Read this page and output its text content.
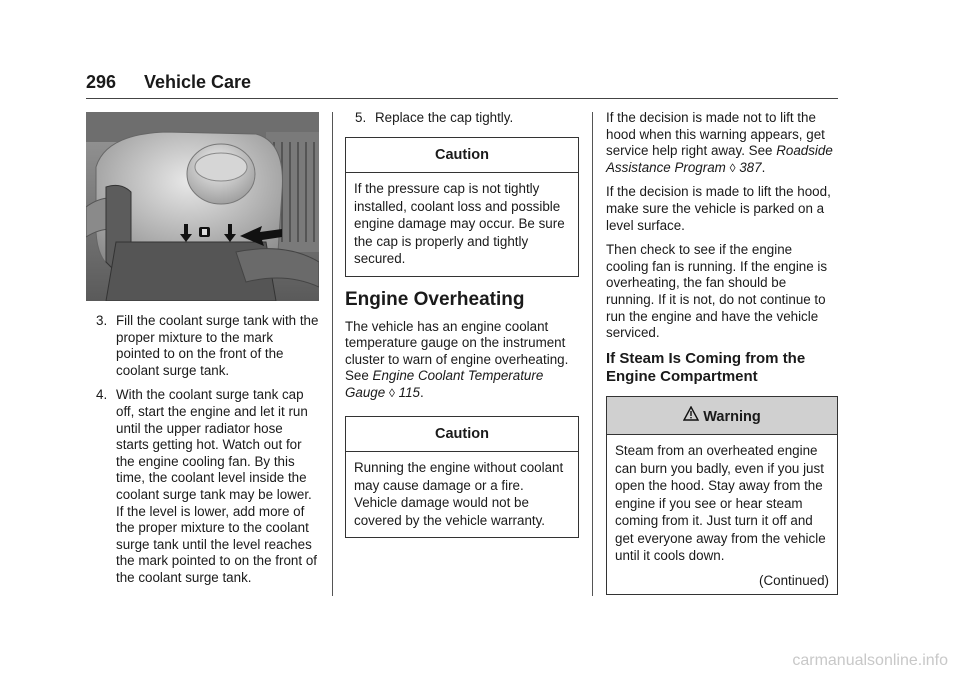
296 Vehicle Care
3. Fill the coolant surge tank with the proper mixture to the mark pointed to on the front of the coolant surge tank.
4. With the coolant surge tank cap off, start the engine and let it run until the upper radiator hose starts getting hot. Watch out for the engine cooling fan. By this time, the coolant level inside the coolant surge tank may be lower. If the level is lower, add more of the proper mixture to the coolant surge tank until the level reaches the mark pointed to on the front of the coolant surge tank.
5. Replace the cap tightly.
Caution
If the pressure cap is not tightly installed, coolant loss and possible engine damage may occur. Be sure the cap is properly and tightly secured.
Engine Overheating

The vehicle has an engine coolant temperature gauge on the instrument cluster to warn of engine overheating. See Engine Coolant Temperature Gauge ◊ 115.

Caution
Running the engine without coolant may cause damage or a fire. Vehicle damage would not be covered by the vehicle warranty.

If the decision is made not to lift the hood when this warning appears, get service help right away. See Roadside Assistance Program ◊ 387.

If the decision is made to lift the hood, make sure the vehicle is parked on a level surface.

Then check to see if the engine cooling fan is running. If the engine is overheating, the fan should be running. If it is not, do not continue to run the engine and have the vehicle serviced.

If Steam Is Coming from the Engine Compartment
Warning
Steam from an overheated engine can burn you badly, even if you just open the hood. Stay away from the engine if you see or hear steam coming from it. Just turn it off and get everyone away from the vehicle until it cools down.
(Continued)
carmanualsonline.info
